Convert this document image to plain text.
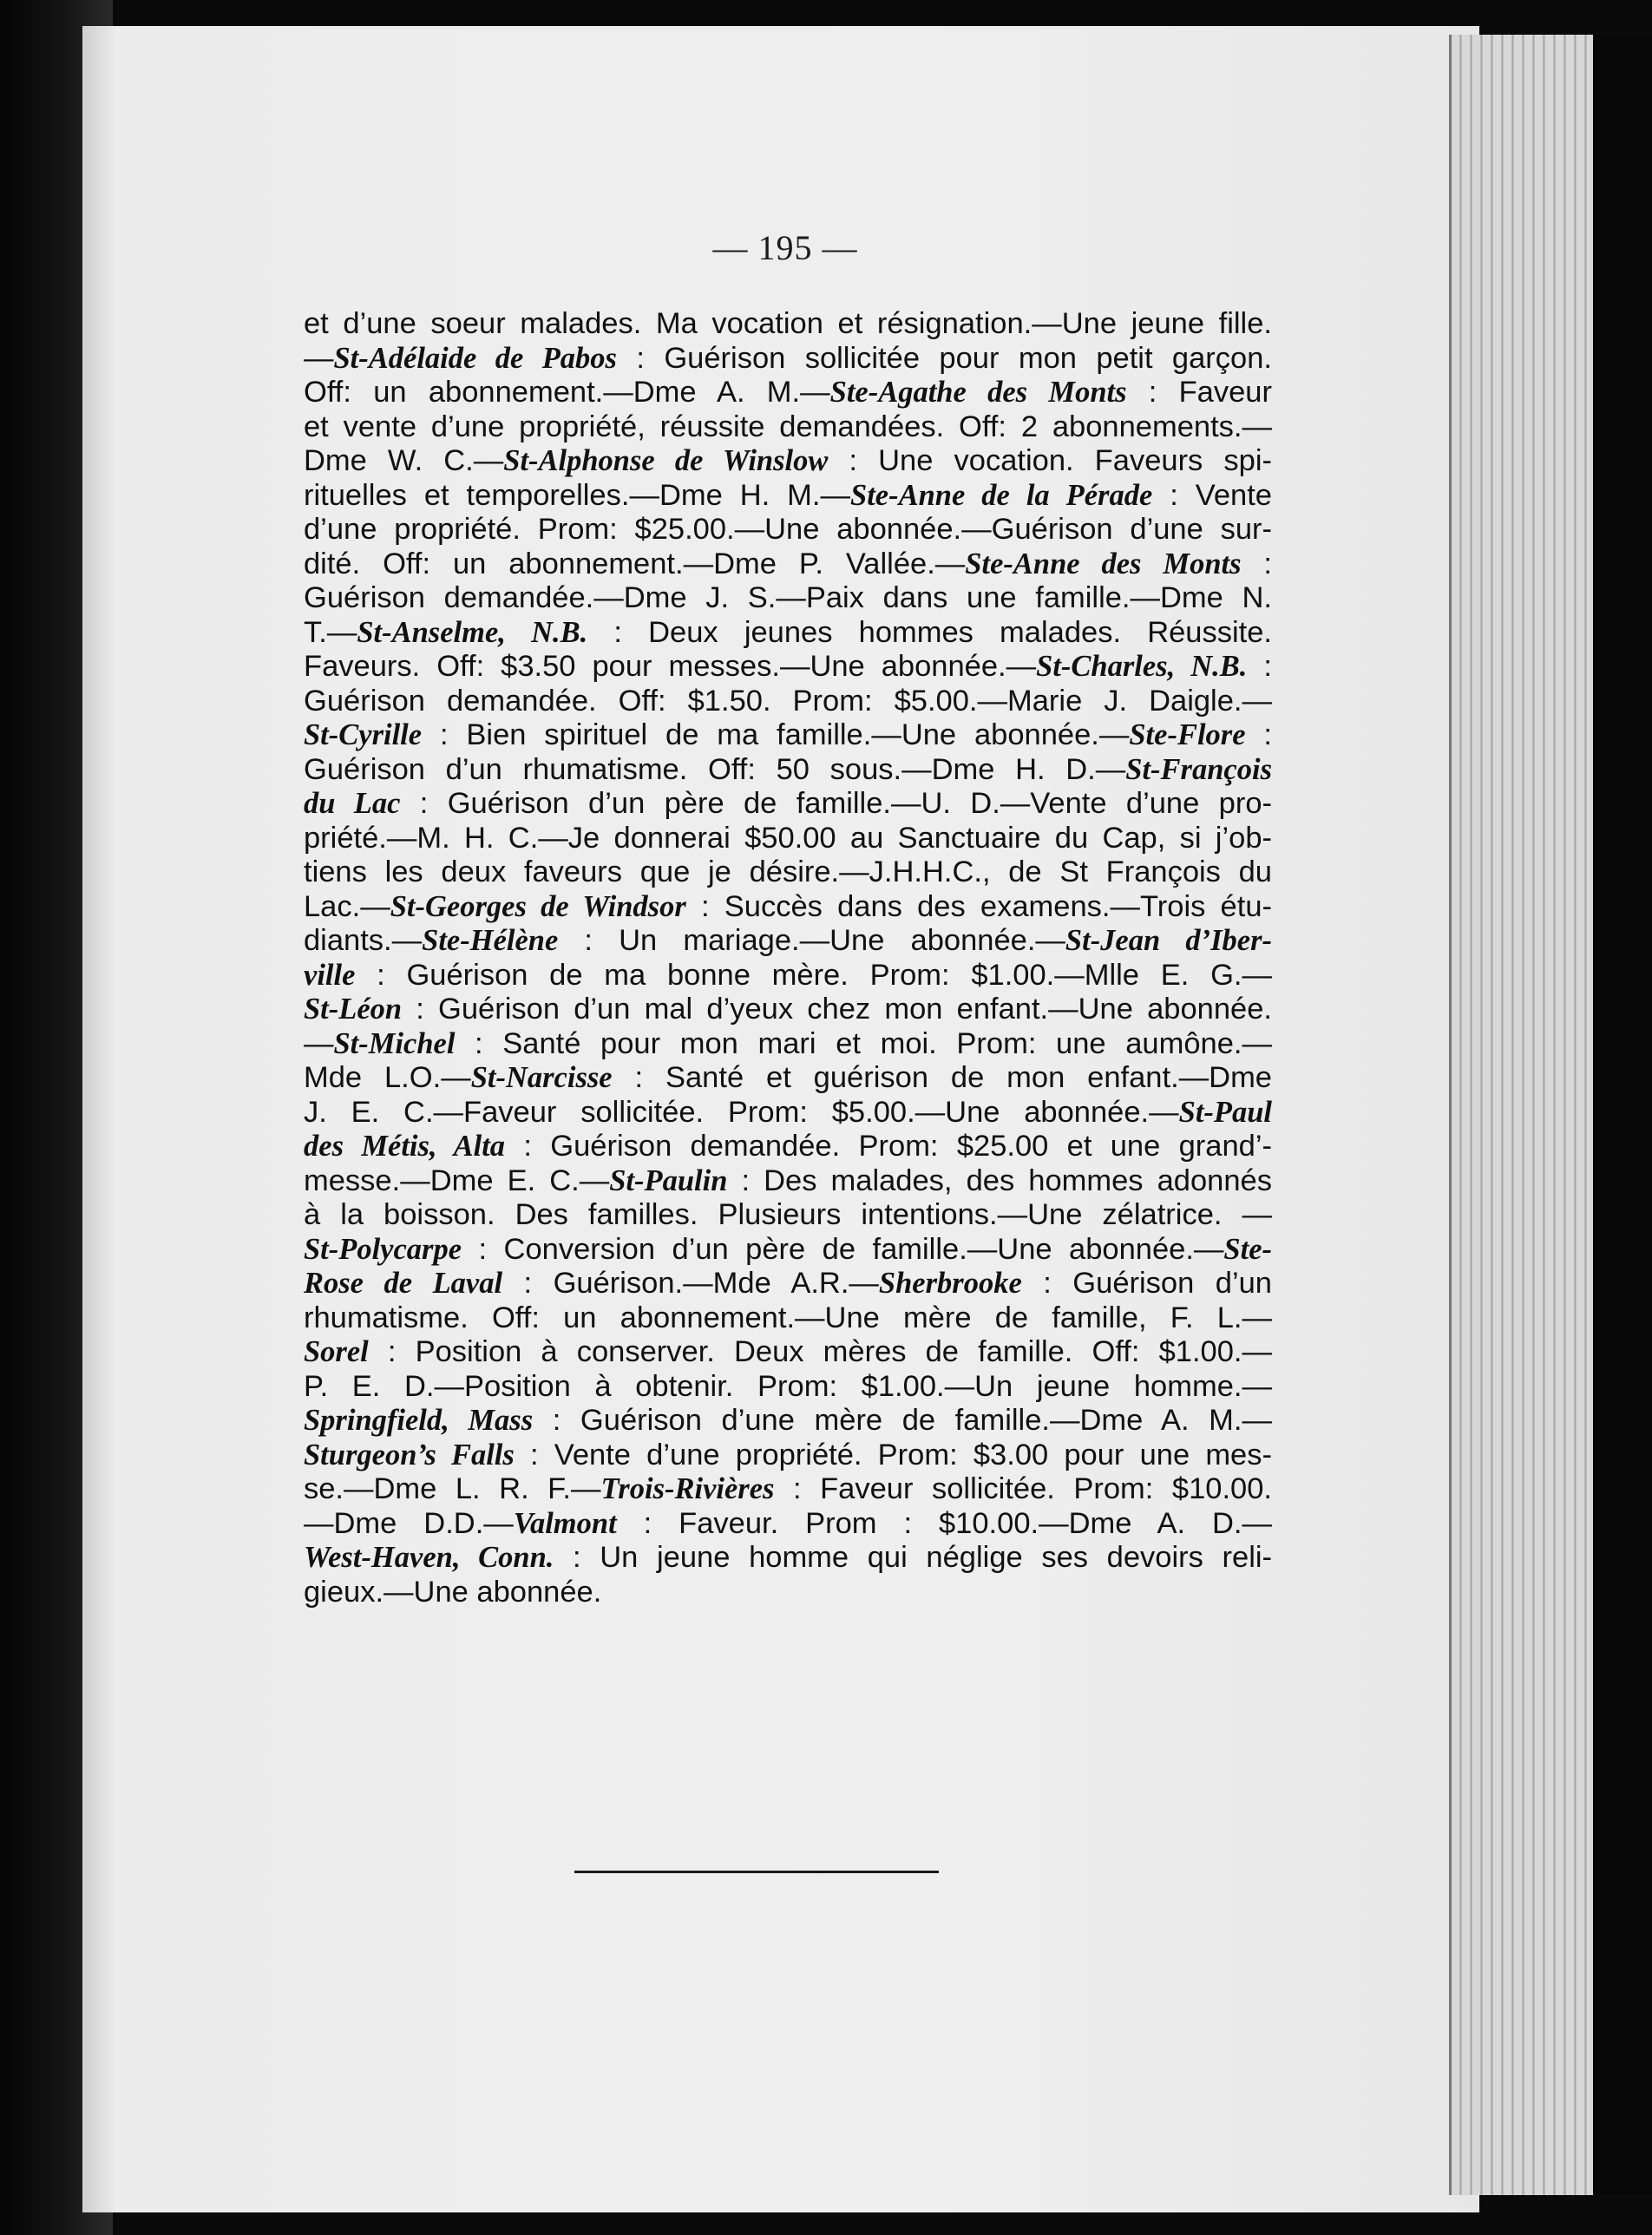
— 195 —
et d’une soeur malades. Ma vocation et résignation.—Une jeune fille.
—St-Adélaide de Pabos : Guérison sollicitée pour mon petit garçon.
Off: un abonnement.—Dme A. M.—Ste-Agathe des Monts : Faveur
et vente d’une propriété, réussite demandées. Off: 2 abonnements.—
Dme W. C.—St-Alphonse de Winslow : Une vocation. Faveurs spi-
rituelles et temporelles.—Dme H. M.—Ste-Anne de la Pérade : Vente
d’une propriété. Prom: $25.00.—Une abonnée.—Guérison d’une sur-
dité. Off: un abonnement.—Dme P. Vallée.—Ste-Anne des Monts :
Guérison demandée.—Dme J. S.—Paix dans une famille.—Dme N.
T.—St-Anselme, N.B. : Deux jeunes hommes malades. Réussite.
Faveurs. Off: $3.50 pour messes.—Une abonnée.—St-Charles, N.B. :
Guérison demandée. Off: $1.50. Prom: $5.00.—Marie J. Daigle.—
St-Cyrille : Bien spirituel de ma famille.—Une abonnée.—Ste-Flore :
Guérison d’un rhumatisme. Off: 50 sous.—Dme H. D.—St-François
du Lac : Guérison d’un père de famille.—U. D.—Vente d’une pro-
priété.—M. H. C.—Je donnerai $50.00 au Sanctuaire du Cap, si j’ob-
tiens les deux faveurs que je désire.—J.H.H.C., de St François du
Lac.—St-Georges de Windsor : Succès dans des examens.—Trois étu-
diants.—Ste-Hélène : Un mariage.—Une abonnée.—St-Jean d’Iber-
ville : Guérison de ma bonne mère. Prom: $1.00.—Mlle E. G.—
St-Léon : Guérison d’un mal d’yeux chez mon enfant.—Une abonnée.
—St-Michel : Santé pour mon mari et moi. Prom: une aumône.—
Mde L.O.—St-Narcisse : Santé et guérison de mon enfant.—Dme
J. E. C.—Faveur sollicitée. Prom: $5.00.—Une abonnée.—St-Paul
des Métis, Alta : Guérison demandée. Prom: $25.00 et une grand’-
messe.—Dme E. C.—St-Paulin : Des malades, des hommes adonnés
à la boisson. Des familles. Plusieurs intentions.—Une zélatrice. —
St-Polycarpe : Conversion d’un père de famille.—Une abonnée.—Ste-
Rose de Laval : Guérison.—Mde A.R.—Sherbrooke : Guérison d’un
rhumatisme. Off: un abonnement.—Une mère de famille, F. L.—
Sorel : Position à conserver. Deux mères de famille. Off: $1.00.—
P. E. D.—Position à obtenir. Prom: $1.00.—Un jeune homme.—
Springfield, Mass : Guérison d’une mère de famille.—Dme A. M.—
Sturgeon’s Falls : Vente d’une propriété. Prom: $3.00 pour une mes-
se.—Dme L. R. F.—Trois-Rivières : Faveur sollicitée. Prom: $10.00.
—Dme D.D.—Valmont : Faveur. Prom : $10.00.—Dme A. D.—
West-Haven, Conn. : Un jeune homme qui néglige ses devoirs reli-
gieux.—Une abonnée.
